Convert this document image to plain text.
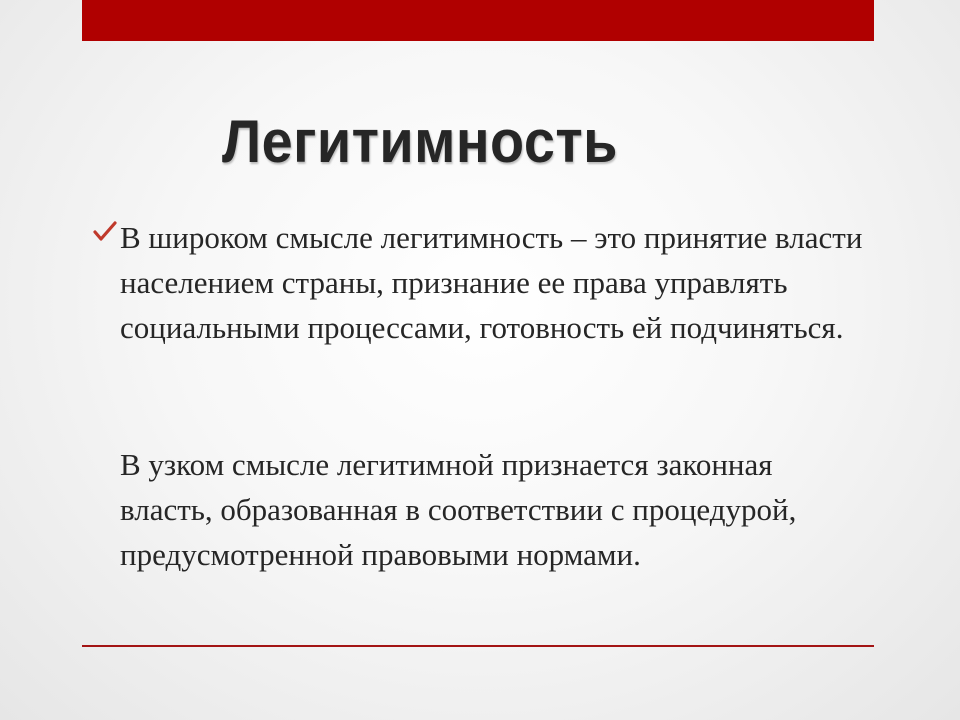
Легитимность

В широком смысле легитимность – это принятие власти населением страны, признание ее права управлять социальными процессами, готовность ей подчиняться.

В узком смысле легитимной признается законная власть, образованная в соответствии с процедурой, предусмотренной правовыми нормами.
